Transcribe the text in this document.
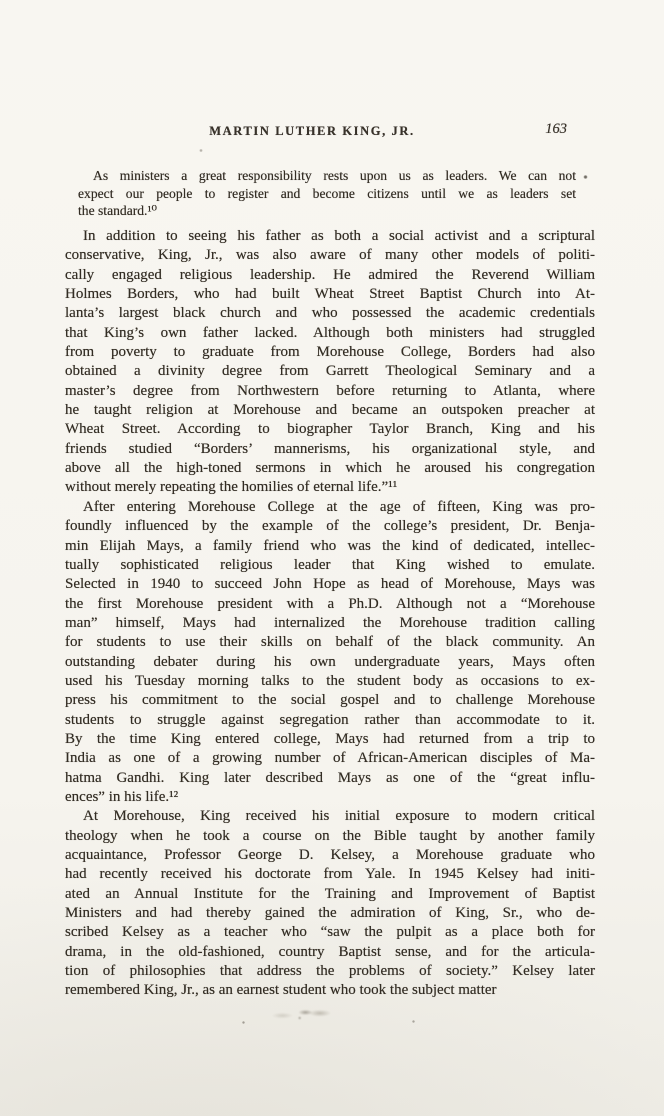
MARTIN LUTHER KING, JR.	163
As ministers a great responsibility rests upon us as leaders. We can not
expect our people to register and become citizens until we as leaders set
the standard.¹⁰
In addition to seeing his father as both a social activist and a scriptural
conservative, King, Jr., was also aware of many other models of politi-
cally engaged religious leadership. He admired the Reverend William
Holmes Borders, who had built Wheat Street Baptist Church into At-
lanta’s largest black church and who possessed the academic credentials
that King’s own father lacked. Although both ministers had struggled
from poverty to graduate from Morehouse College, Borders had also
obtained a divinity degree from Garrett Theological Seminary and a
master’s degree from Northwestern before returning to Atlanta, where
he taught religion at Morehouse and became an outspoken preacher at
Wheat Street. According to biographer Taylor Branch, King and his
friends studied “Borders’ mannerisms, his organizational style, and
above all the high-toned sermons in which he aroused his congregation
without merely repeating the homilies of eternal life.”¹¹
After entering Morehouse College at the age of fifteen, King was pro-
foundly influenced by the example of the college’s president, Dr. Benja-
min Elijah Mays, a family friend who was the kind of dedicated, intellec-
tually sophisticated religious leader that King wished to emulate.
Selected in 1940 to succeed John Hope as head of Morehouse, Mays was
the first Morehouse president with a Ph.D. Although not a “Morehouse
man” himself, Mays had internalized the Morehouse tradition calling
for students to use their skills on behalf of the black community. An
outstanding debater during his own undergraduate years, Mays often
used his Tuesday morning talks to the student body as occasions to ex-
press his commitment to the social gospel and to challenge Morehouse
students to struggle against segregation rather than accommodate to it.
By the time King entered college, Mays had returned from a trip to
India as one of a growing number of African-American disciples of Ma-
hatma Gandhi. King later described Mays as one of the “great influ-
ences” in his life.¹²
At Morehouse, King received his initial exposure to modern critical
theology when he took a course on the Bible taught by another family
acquaintance, Professor George D. Kelsey, a Morehouse graduate who
had recently received his doctorate from Yale. In 1945 Kelsey had initi-
ated an Annual Institute for the Training and Improvement of Baptist
Ministers and had thereby gained the admiration of King, Sr., who de-
scribed Kelsey as a teacher who “saw the pulpit as a place both for
drama, in the old-fashioned, country Baptist sense, and for the articula-
tion of philosophies that address the problems of society.” Kelsey later
remembered King, Jr., as an earnest student who took the subject matter
